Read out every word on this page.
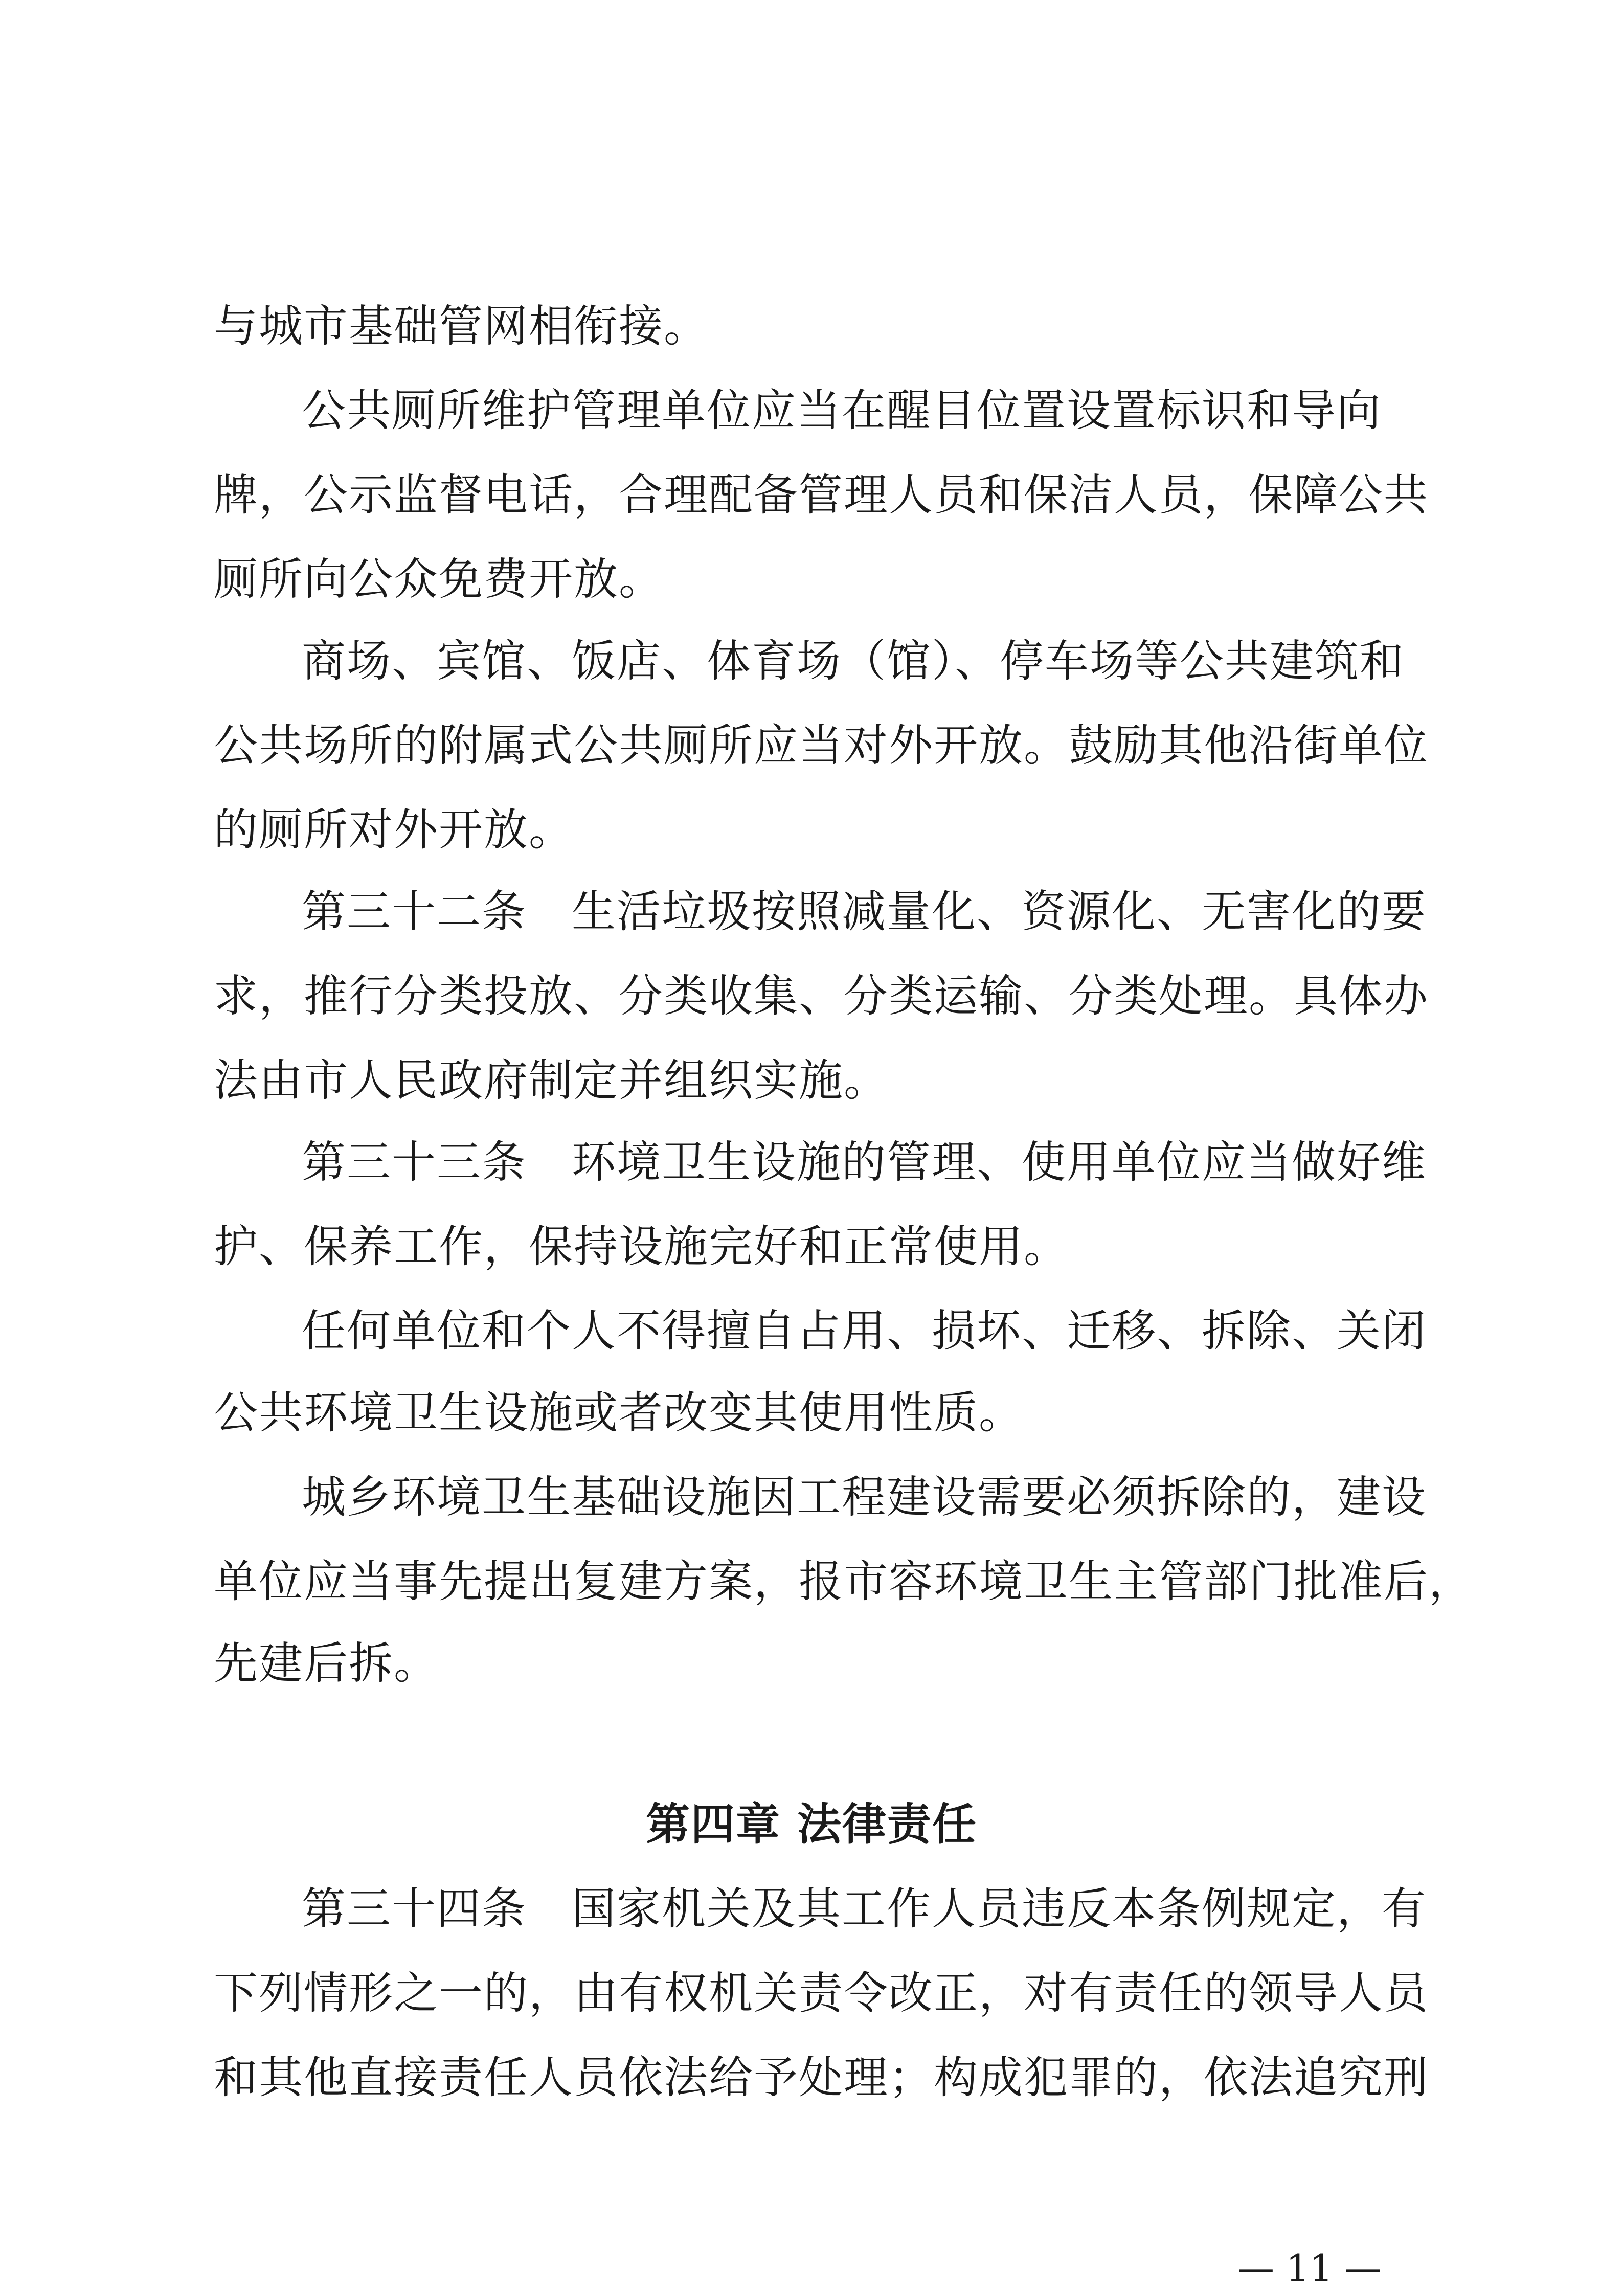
与城市基础管网相衔接。
公共厕所维护管理单位应当在醒目位置设置标识和导向
牌，公示监督电话，合理配备管理人员和保洁人员，保障公共
厕所向公众免费开放。
商场、宾馆、饭店、体育场（馆）、停车场等公共建筑和
公共场所的附属式公共厕所应当对外开放。鼓励其他沿街单位
的厕所对外开放。
第三十二条　生活垃圾按照减量化、资源化、无害化的要
求，推行分类投放、分类收集、分类运输、分类处理。具体办
法由市人民政府制定并组织实施。
第三十三条　环境卫生设施的管理、使用单位应当做好维
护、保养工作，保持设施完好和正常使用。
任何单位和个人不得擅自占用、损坏、迁移、拆除、关闭
公共环境卫生设施或者改变其使用性质。
城乡环境卫生基础设施因工程建设需要必须拆除的，建设
单位应当事先提出复建方案，报市容环境卫生主管部门批准后，
先建后拆。
第四章 法律责任
第三十四条　国家机关及其工作人员违反本条例规定，有
下列情形之一的，由有权机关责令改正，对有责任的领导人员
和其他直接责任人员依法给予处理；构成犯罪的，依法追究刑
— 11 —
